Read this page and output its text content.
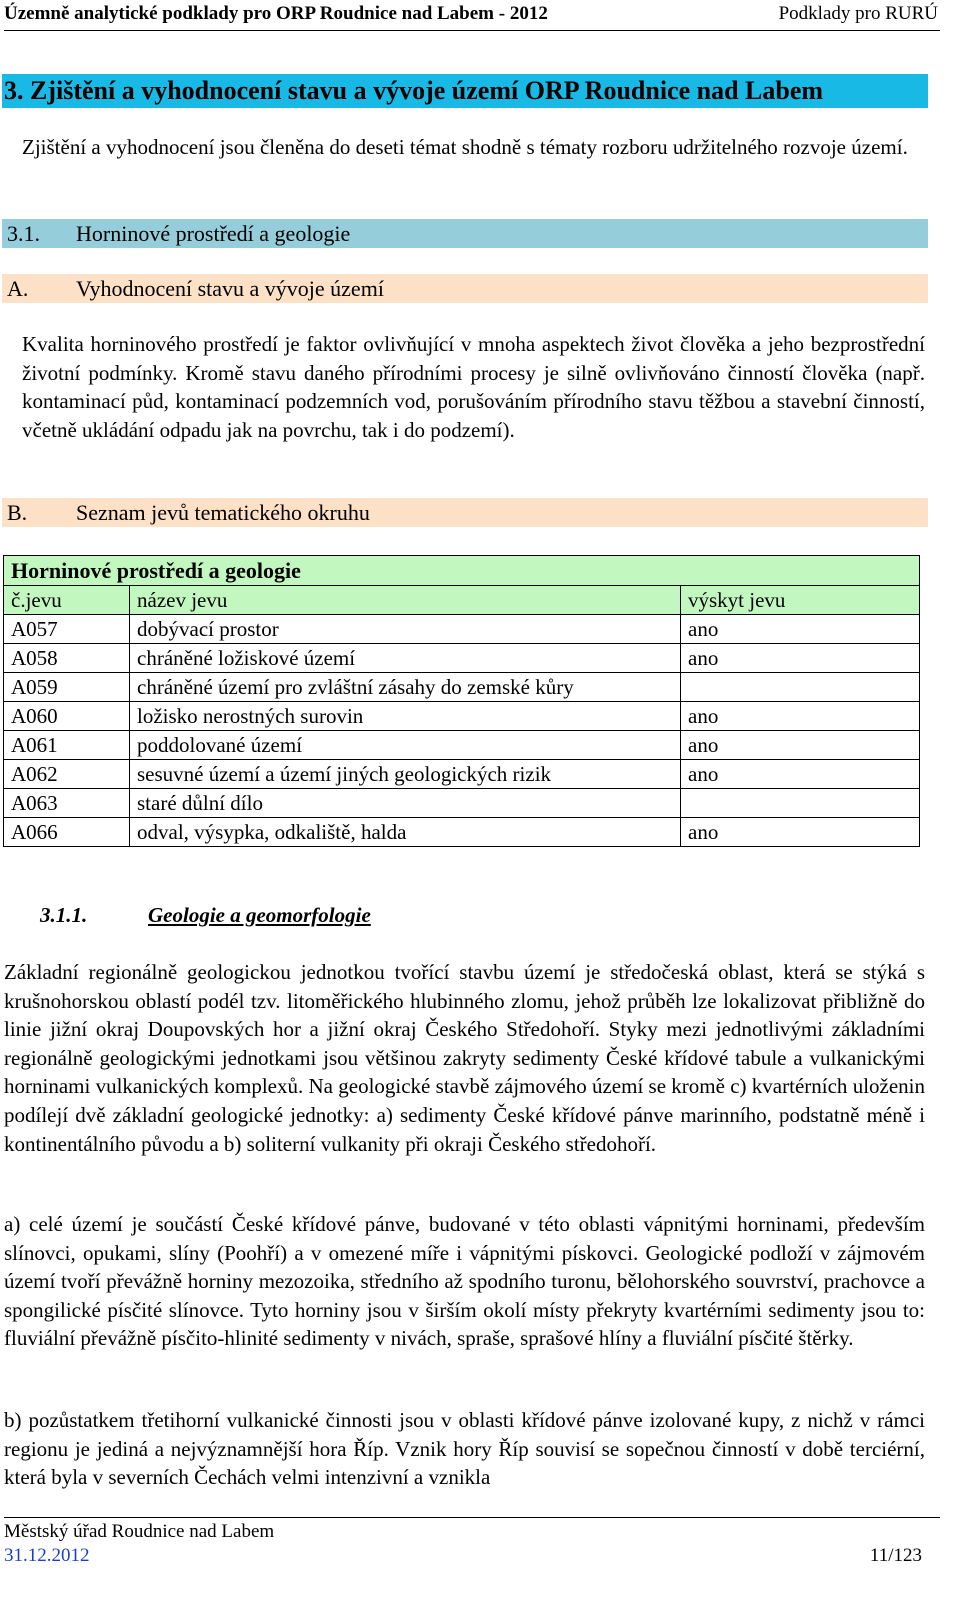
Územně analytické podklady pro ORP Roudnice nad Labem - 2012	Podklady pro RURÚ
3. Zjištění a vyhodnocení stavu a vývoje území ORP Roudnice nad Labem
Zjištění a vyhodnocení jsou členěna do deseti témat shodně s tématy rozboru udržitelného rozvoje území.
3.1. Horninové prostředí a geologie
A. Vyhodnocení stavu a vývoje území
Kvalita horninového prostředí je faktor ovlivňující v mnoha aspektech život člověka a jeho bezprostřední životní podmínky. Kromě stavu daného přírodními procesy je silně ovlivňováno činností člověka (např. kontaminací půd, kontaminací podzemních vod, porušováním přírodního stavu těžbou a stavební činností, včetně ukládání odpadu jak na povrchu, tak i do podzemí).
B. Seznam jevů tematického okruhu
Horninové prostředí a geologie		
č.jevu	název jevu	výskyt jevu
A057	dobývací prostor	ano
A058	chráněné ložiskové území	ano
A059	chráněné území pro zvláštní zásahy do zemské kůry	
A060	ložisko nerostných surovin	ano
A061	poddolované území	ano
A062	sesuvné území a území jiných geologických rizik	ano
A063	staré důlní dílo	
A066	odval, výsypka, odkaliště, halda	ano
3.1.1.	Geologie a geomorfologie
Základní regionálně geologickou jednotkou tvořící stavbu území je středočeská oblast, která se stýká s krušnohorskou oblastí podél tzv. litoměřického hlubinného zlomu, jehož průběh lze lokalizovat přibližně do linie jižní okraj Doupovských hor a jižní okraj Českého Středohoří. Styky mezi jednotlivými základními regionálně geologickými jednotkami jsou většinou zakryty sedimenty České křídové tabule a vulkanickými horninami vulkanických komplexů. Na geologické stavbě zájmového území se kromě c) kvartérních uloženin podílejí dvě základní geologické jednotky: a) sedimenty České křídové pánve marinního, podstatně méně i kontinentálního původu a b) soliterní vulkanity při okraji Českého středohoří.
a) celé území je součástí České křídové pánve, budované v této oblasti vápnitými horninami, především slínovci, opukami, slíny (Poohří) a v omezené míře i vápnitými pískovci. Geologické podloží v zájmovém území tvoří převážně horniny mezozoika, středního až spodního turonu, bělohorského souvrství, prachovce a spongilické písčité slínovce. Tyto horniny jsou v širším okolí místy překryty kvartérními sedimenty jsou to: fluviální převážně písčito-hlinité sedimenty v nivách, spraše, sprašové hlíny a fluviální písčité štěrky.
b) pozůstatkem třetihorní vulkanické činnosti jsou v oblasti křídové pánve izolované kupy, z nichž v rámci regionu je jediná a nejvýznamnější hora Říp. Vznik hory Říp souvisí se sopečnou činností v době terciérní, která byla v severních Čechách velmi intenzivní a vznikla
Městský úřad Roudnice nad Labem
31.12.2012	11/123
